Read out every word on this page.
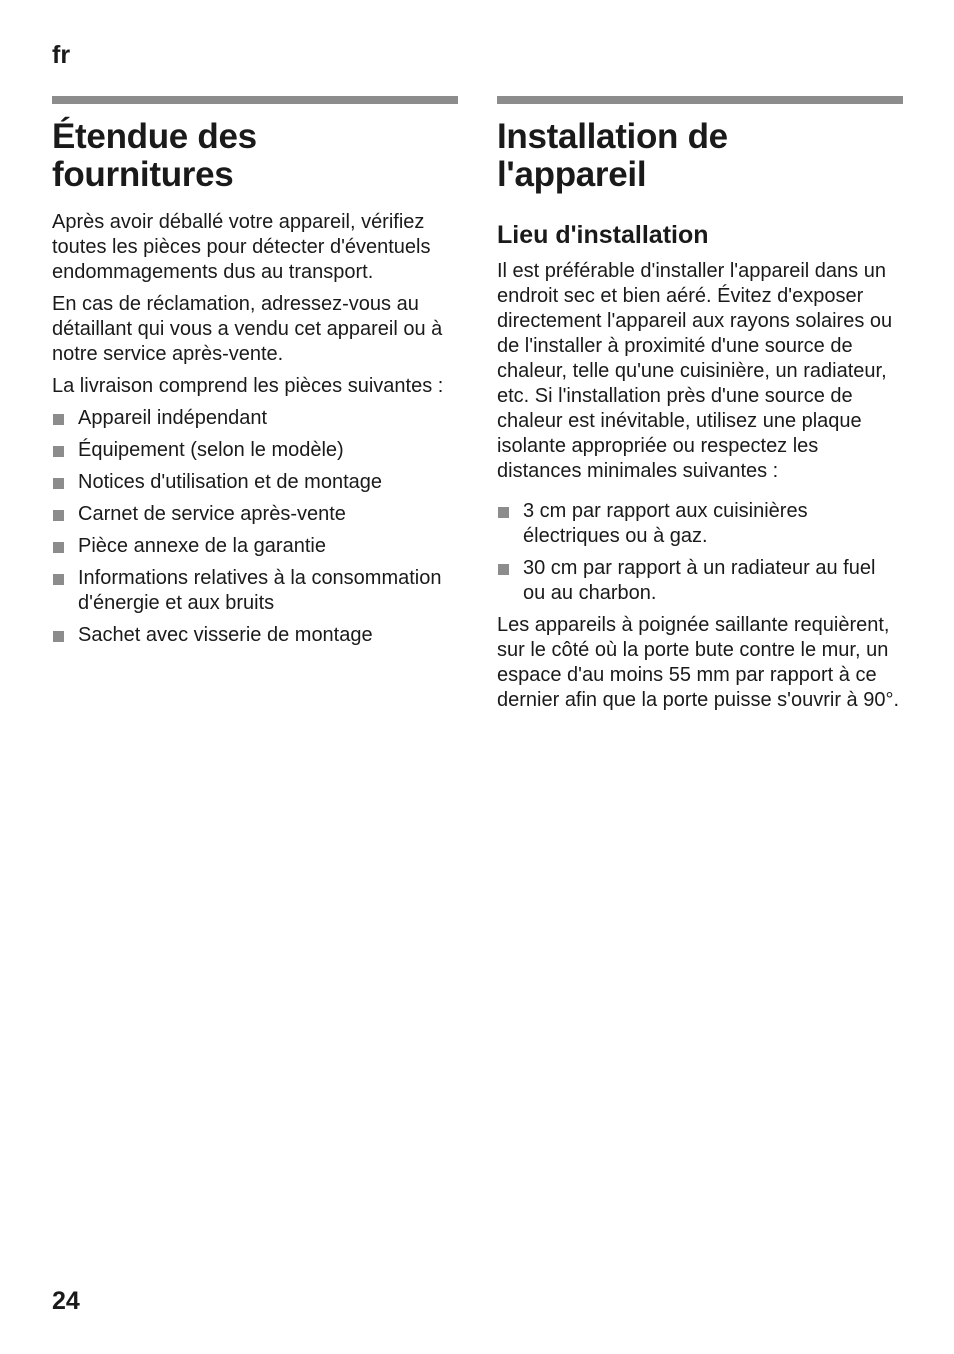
fr
Étendue des
fournitures

Après avoir déballé votre appareil, vérifiez toutes les pièces pour détecter d'éventuels endommagements dus au transport.

En cas de réclamation, adressez-vous au détaillant qui vous a vendu cet appareil ou à notre service après-vente.

La livraison comprend les pièces suivantes :

Appareil indépendant
Équipement (selon le modèle)
Notices d'utilisation et de montage
Carnet de service après-vente
Pièce annexe de la garantie
Informations relatives à la consommation d'énergie et aux bruits
Sachet avec visserie de montage
Installation de
l'appareil
Lieu d'installation

Il est préférable d'installer l'appareil dans un endroit sec et bien aéré. Évitez d'exposer directement l'appareil aux rayons solaires ou de l'installer à proximité d'une source de chaleur, telle qu'une cuisinière, un radiateur, etc. Si l'installation près d'une source de chaleur est inévitable, utilisez une plaque isolante appropriée ou respectez les distances minimales suivantes :

3 cm par rapport aux cuisinières électriques ou à gaz.
30 cm par rapport à un radiateur au fuel ou au charbon.

Les appareils à poignée saillante requièrent, sur le côté où la porte bute contre le mur, un espace d'au moins 55 mm par rapport à ce dernier afin que la porte puisse s'ouvrir à 90°.

24
